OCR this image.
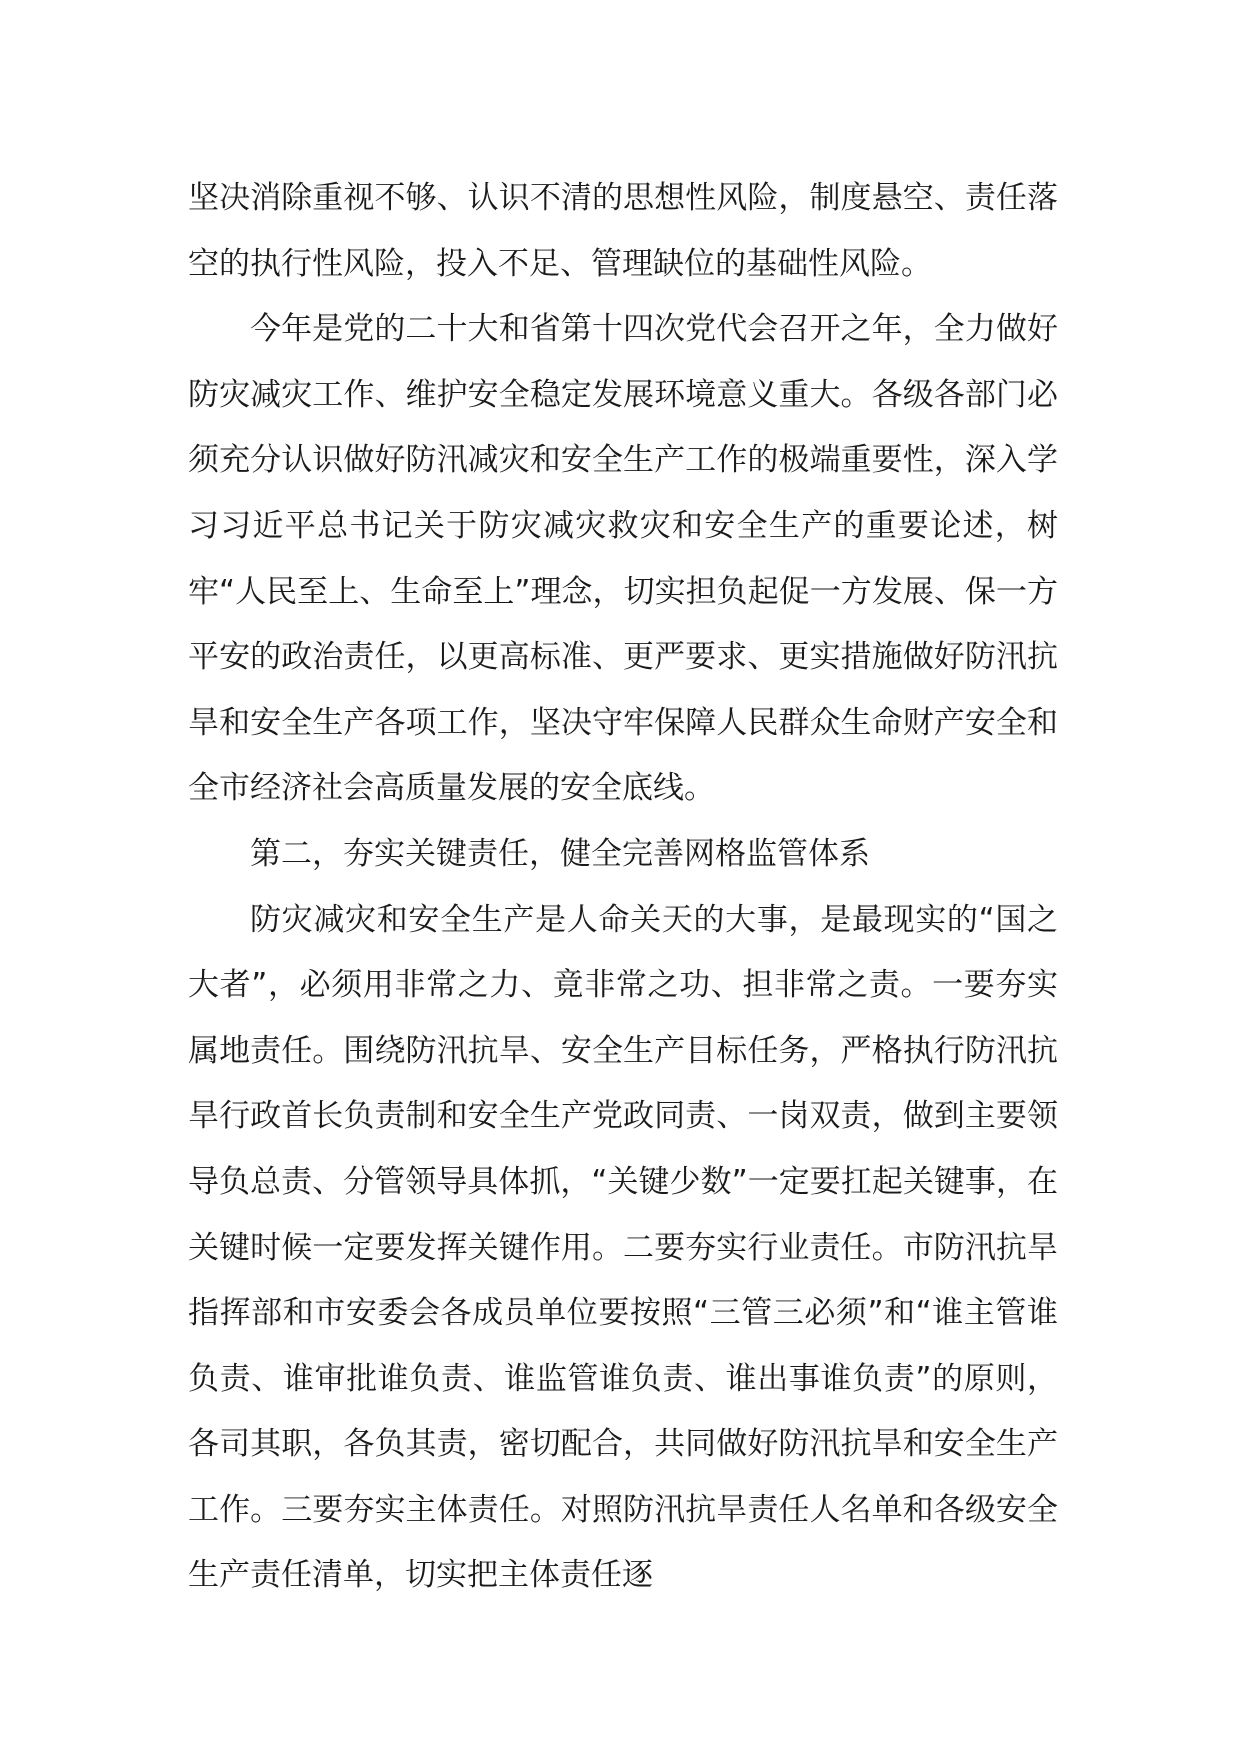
坚决消除重视不够、认识不清的思想性风险，制度悬空、责任落空的执行性风险，投入不足、管理缺位的基础性风险。

今年是党的二十大和省第十四次党代会召开之年，全力做好防灾减灾工作、维护安全稳定发展环境意义重大。各级各部门必须充分认识做好防汛减灾和安全生产工作的极端重要性，深入学习习近平总书记关于防灾减灾救灾和安全生产的重要论述，树牢“人民至上、生命至上”理念，切实担负起促一方发展、保一方平安的政治责任，以更高标准、更严要求、更实措施做好防汛抗旱和安全生产各项工作，坚决守牢保障人民群众生命财产安全和全市经济社会高质量发展的安全底线。

第二，夯实关键责任，健全完善网格监管体系

防灾减灾和安全生产是人命关天的大事，是最现实的“国之大者”，必须用非常之力、竟非常之功、担非常之责。一要夯实属地责任。围绕防汛抗旱、安全生产目标任务，严格执行防汛抗旱行政首长负责制和安全生产党政同责、一岗双责，做到主要领导负总责、分管领导具体抓，“关键少数”一定要扛起关键事，在关键时候一定要发挥关键作用。二要夯实行业责任。市防汛抗旱指挥部和市安委会各成员单位要按照“三管三必须”和“谁主管谁负责、谁审批谁负责、谁监管谁负责、谁出事谁负责”的原则，各司其职，各负其责，密切配合，共同做好防汛抗旱和安全生产工作。三要夯实主体责任。对照防汛抗旱责任人名单和各级安全生产责任清单，切实把主体责任逐
